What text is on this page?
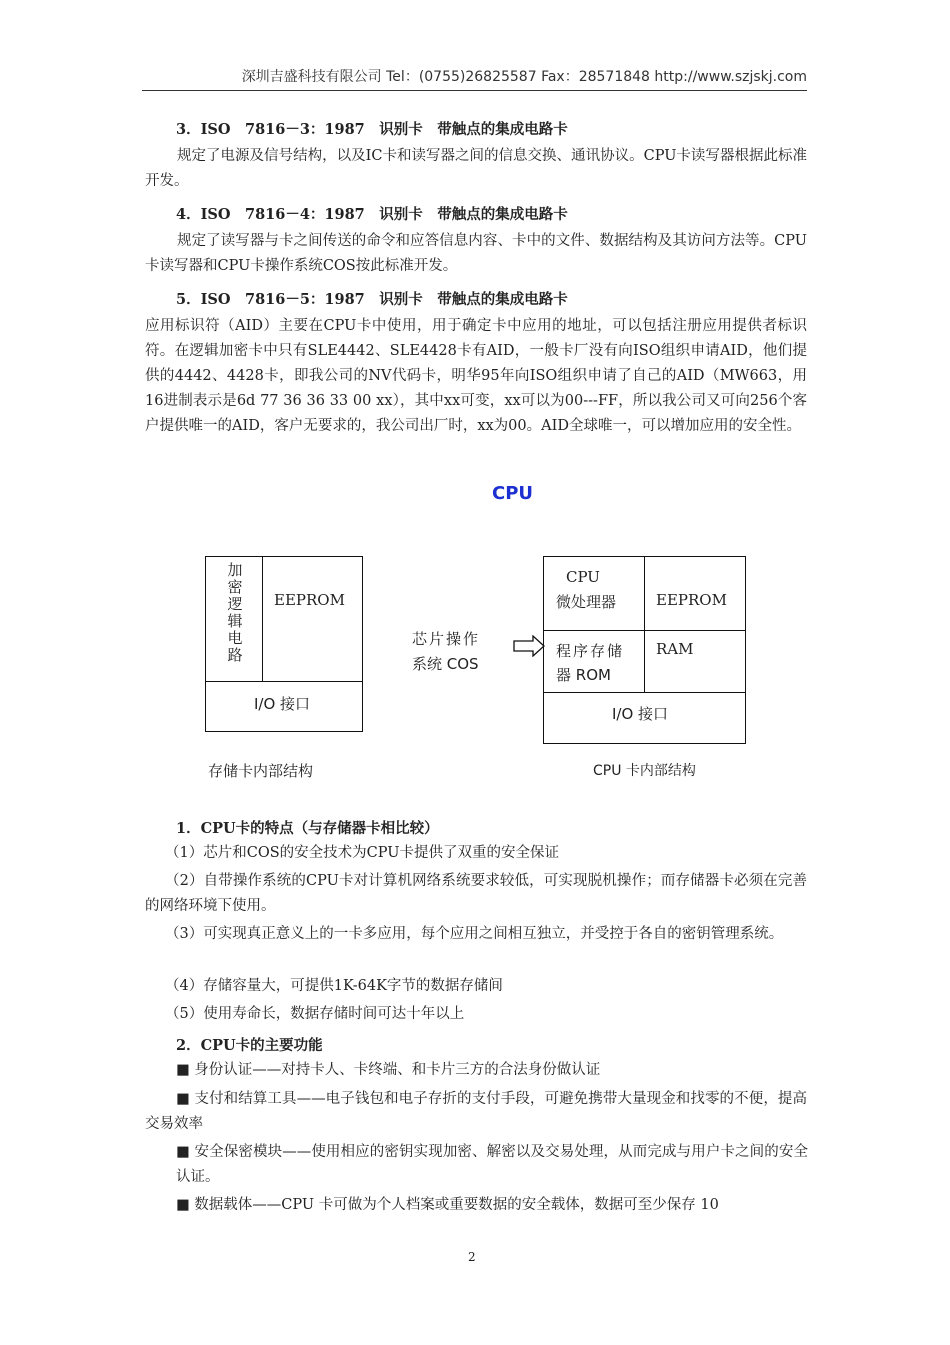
深圳吉盛科技有限公司 Tel：(0755)26825587 Fax：28571848 http://www.szjskj.com
3．ISO　7816－3：1987　识别卡　带触点的集成电路卡
规定了电源及信号结构，以及IC卡和读写器之间的信息交换、通讯协议。CPU卡读写器根据此标准开发。
4．ISO　7816－4：1987　识别卡　带触点的集成电路卡
规定了读写器与卡之间传送的命令和应答信息内容、卡中的文件、数据结构及其访问方法等。CPU卡读写器和CPU卡操作系统COS按此标准开发。
5．ISO　7816－5：1987　识别卡　带触点的集成电路卡
应用标识符（AID）主要在CPU卡中使用，用于确定卡中应用的地址，可以包括注册应用提供者标识符。在逻辑加密卡中只有SLE4442、SLE4428卡有AID，一般卡厂没有向ISO组织申请AID，他们提供的4442、4428卡，即我公司的NV代码卡，明华95年向ISO组织申请了自己的AID（MW663，用16进制表示是6d 77 36 36 33 00 xx），其中xx可变，xx可以为00---FF，所以我公司又可向256个客户提供唯一的AID，客户无要求的，我公司出厂时，xx为00。AID全球唯一，可以增加应用的安全性。
CPU
加密逻辑电路
EEPROM
I/O 接口
存储卡内部结构
芯片操作
系统 COS
CPU
微处理器	EEPROM
程序存储
器 ROM
RAM
I/O 接口
CPU 卡内部结构
1．CPU卡的特点（与存储器卡相比较）
（1）芯片和COS的安全技术为CPU卡提供了双重的安全保证
（2）自带操作系统的CPU卡对计算机网络系统要求较低，可实现脱机操作；而存储器卡必须在完善的网络环境下使用。
（3）可实现真正意义上的一卡多应用，每个应用之间相互独立，并受控于各自的密钥管理系统。
（4）存储容量大，可提供1K-64K字节的数据存储间
（5）使用寿命长，数据存储时间可达十年以上
2．CPU卡的主要功能
■ 身份认证——对持卡人、卡终端、和卡片三方的合法身份做认证
■ 支付和结算工具——电子钱包和电子存折的支付手段，可避免携带大量现金和找零的不便，提高交易效率
■ 安全保密模块——使用相应的密钥实现加密、解密以及交易处理，从而完成与用户卡之间的安全认证。
■ 数据载体——CPU 卡可做为个人档案或重要数据的安全载体，数据可至少保存 10
2
